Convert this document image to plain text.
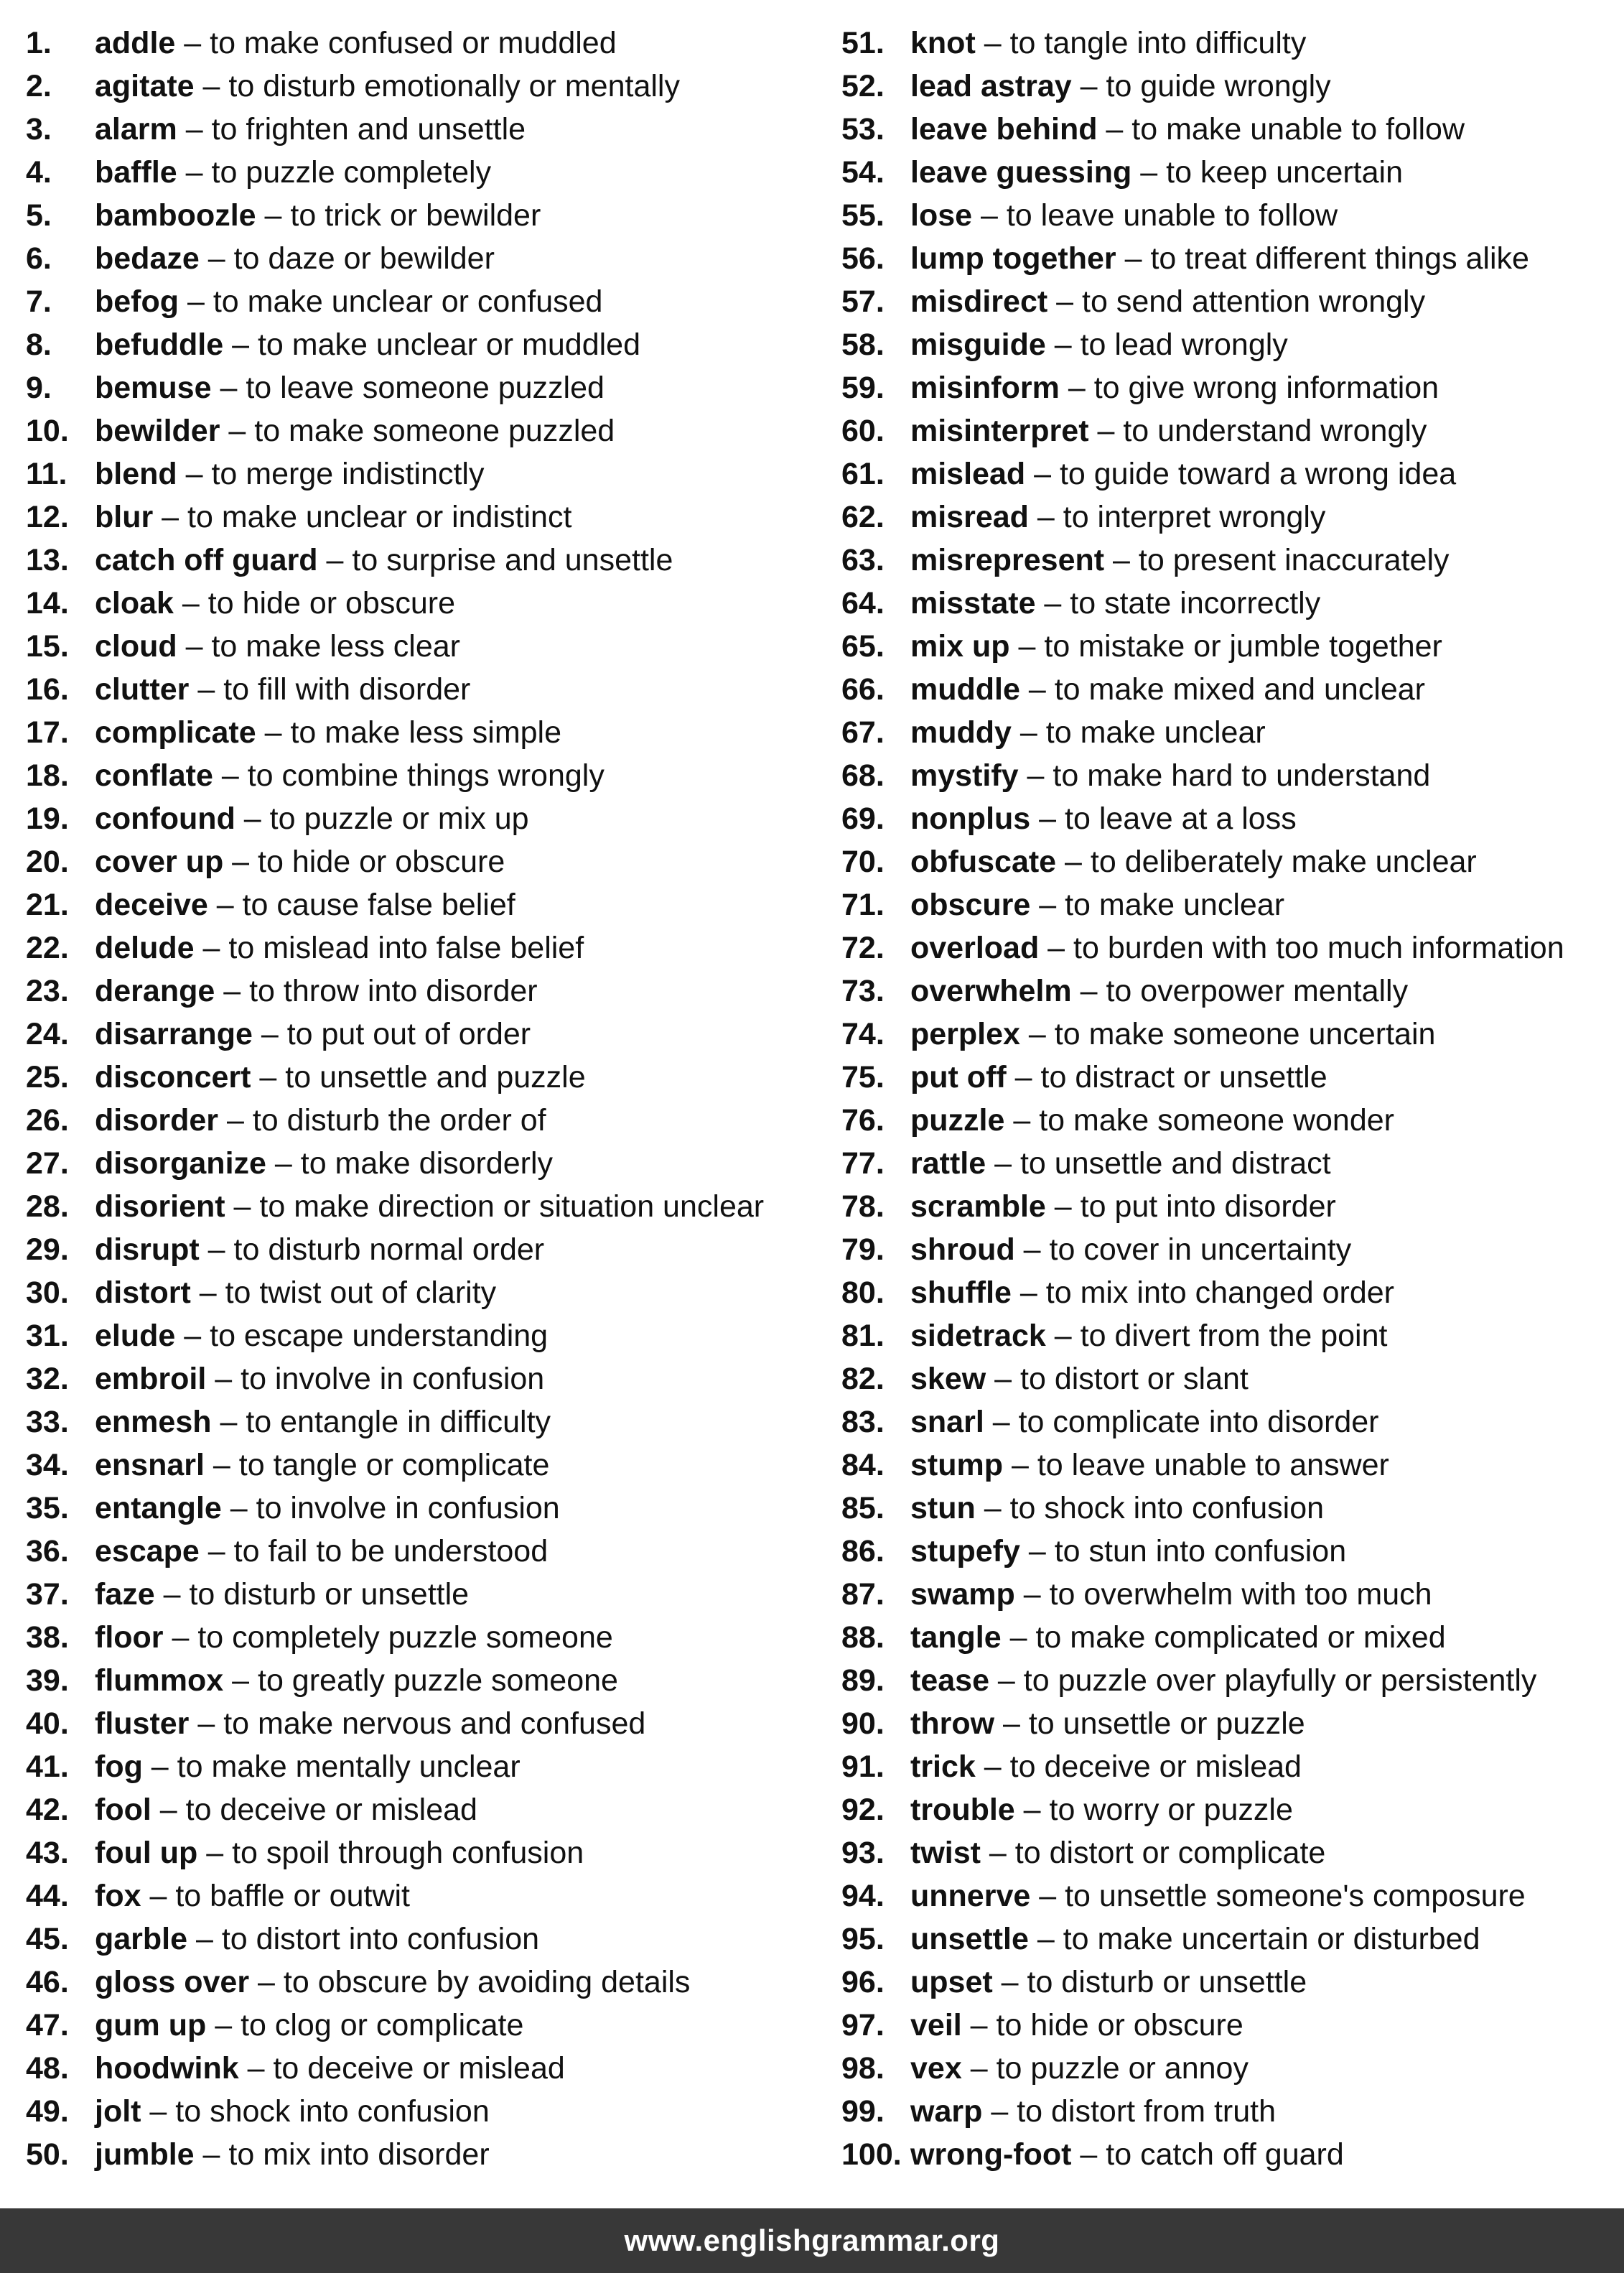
1.	addle – to make confused or muddled
2.	agitate – to disturb emotionally or mentally
3.	alarm – to frighten and unsettle
4.	baffle – to puzzle completely
5.	bamboozle – to trick or bewilder
6.	bedaze – to daze or bewilder
7.	befog – to make unclear or confused
8.	befuddle – to make unclear or muddled
9.	bemuse – to leave someone puzzled
10. bewilder – to make someone puzzled
11. blend – to merge indistinctly
12. blur – to make unclear or indistinct
13. catch off guard – to surprise and unsettle
14. cloak – to hide or obscure
15. cloud – to make less clear
16. clutter – to fill with disorder
17. complicate – to make less simple
18. conflate – to combine things wrongly
19. confound – to puzzle or mix up
20. cover up – to hide or obscure
21. deceive – to cause false belief
22. delude – to mislead into false belief
23. derange – to throw into disorder
24. disarrange – to put out of order
25. disconcert – to unsettle and puzzle
26. disorder – to disturb the order of
27. disorganize – to make disorderly
28. disorient – to make direction or situation unclear
29. disrupt – to disturb normal order
30. distort – to twist out of clarity
31. elude – to escape understanding
32. embroil – to involve in confusion
33. enmesh – to entangle in difficulty
34. ensnarl – to tangle or complicate
35. entangle – to involve in confusion
36. escape – to fail to be understood
37. faze – to disturb or unsettle
38. floor – to completely puzzle someone
39. flummox – to greatly puzzle someone
40. fluster – to make nervous and confused
41. fog – to make mentally unclear
42. fool – to deceive or mislead
43. foul up – to spoil through confusion
44. fox – to baffle or outwit
45. garble – to distort into confusion
46. gloss over – to obscure by avoiding details
47. gum up – to clog or complicate
48. hoodwink – to deceive or mislead
49. jolt – to shock into confusion
50. jumble – to mix into disorder
51. knot – to tangle into difficulty
52. lead astray – to guide wrongly
53. leave behind – to make unable to follow
54. leave guessing – to keep uncertain
55. lose – to leave unable to follow
56. lump together – to treat different things alike
57. misdirect – to send attention wrongly
58. misguide – to lead wrongly
59. misinform – to give wrong information
60. misinterpret – to understand wrongly
61. mislead – to guide toward a wrong idea
62. misread – to interpret wrongly
63. misrepresent – to present inaccurately
64. misstate – to state incorrectly
65. mix up – to mistake or jumble together
66. muddle – to make mixed and unclear
67. muddy – to make unclear
68. mystify – to make hard to understand
69. nonplus – to leave at a loss
70. obfuscate – to deliberately make unclear
71. obscure – to make unclear
72. overload – to burden with too much information
73. overwhelm – to overpower mentally
74. perplex – to make someone uncertain
75. put off – to distract or unsettle
76. puzzle – to make someone wonder
77. rattle – to unsettle and distract
78. scramble – to put into disorder
79. shroud – to cover in uncertainty
80. shuffle – to mix into changed order
81. sidetrack – to divert from the point
82. skew – to distort or slant
83. snarl – to complicate into disorder
84. stump – to leave unable to answer
85. stun – to shock into confusion
86. stupefy – to stun into confusion
87. swamp – to overwhelm with too much
88. tangle – to make complicated or mixed
89. tease – to puzzle over playfully or persistently
90. throw – to unsettle or puzzle
91. trick – to deceive or mislead
92. trouble – to worry or puzzle
93. twist – to distort or complicate
94. unnerve – to unsettle someone's composure
95. unsettle – to make uncertain or disturbed
96. upset – to disturb or unsettle
97. veil – to hide or obscure
98. vex – to puzzle or annoy
99. warp – to distort from truth
100. wrong-foot – to catch off guard
www.englishgrammar.org
